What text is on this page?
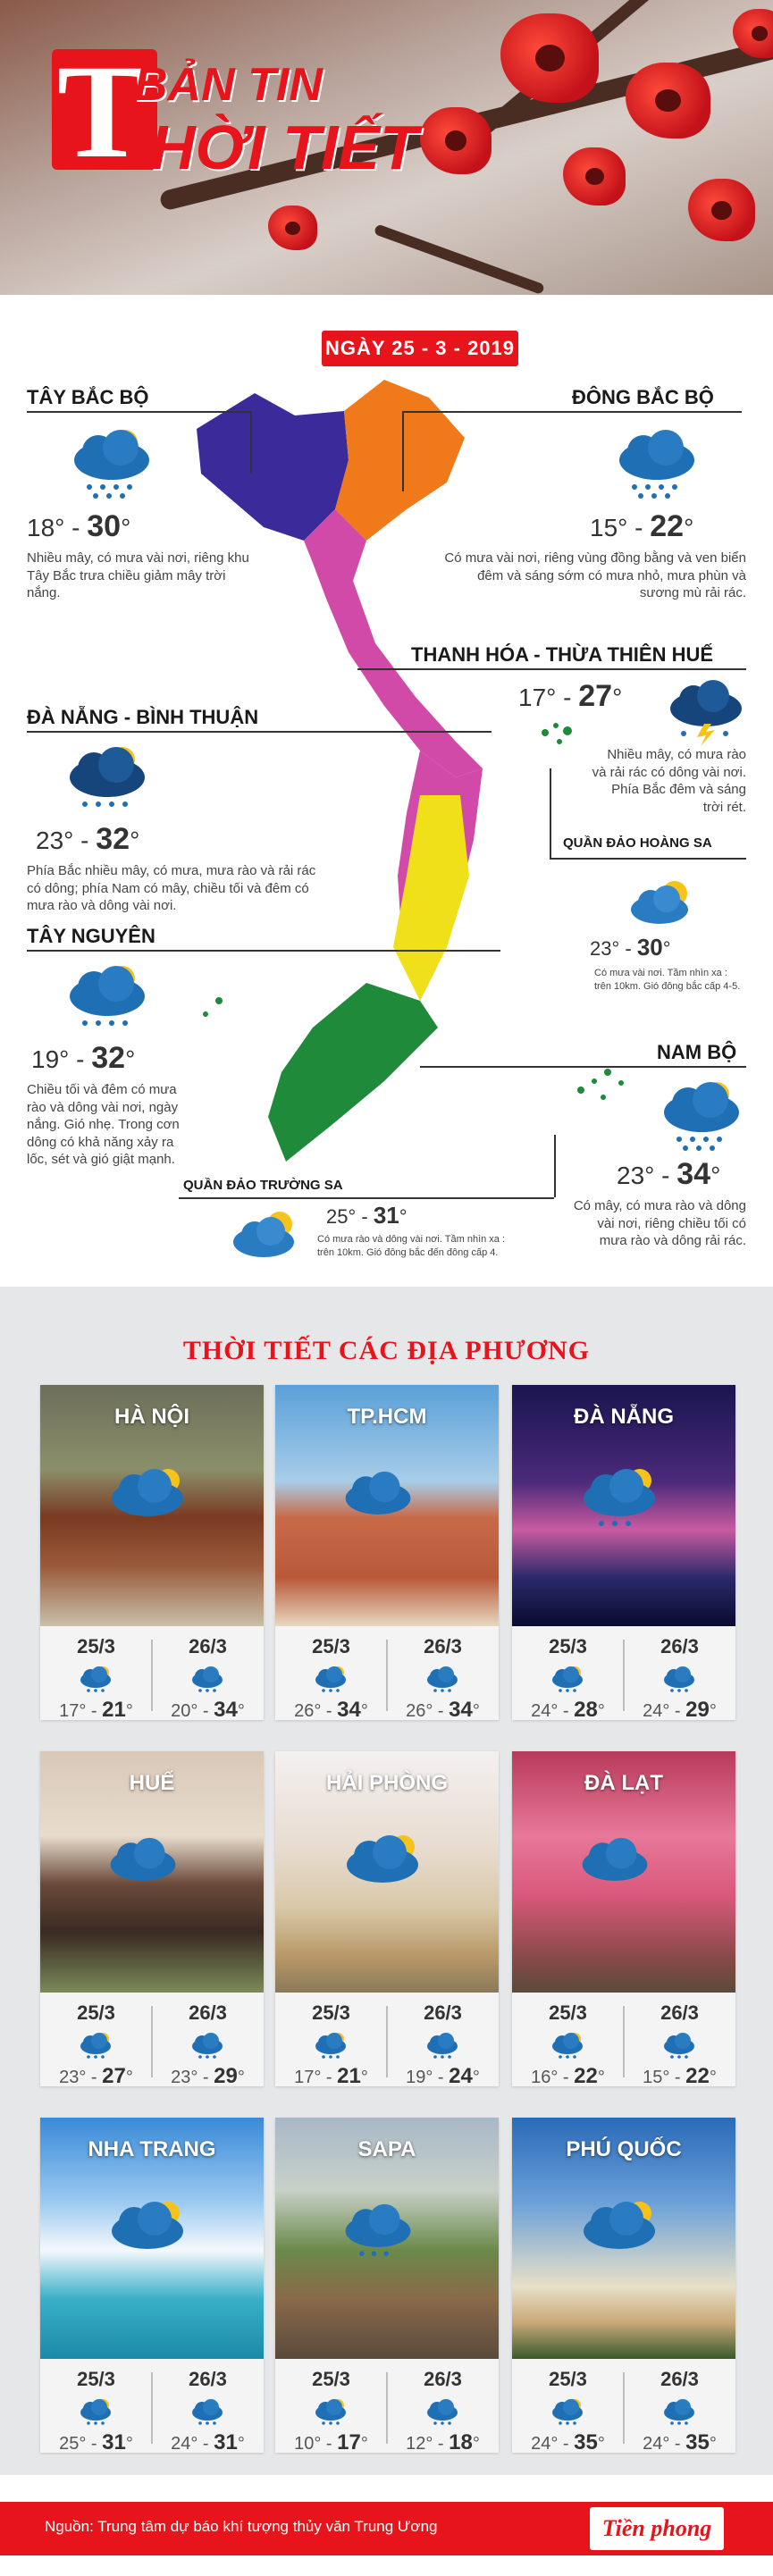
T
BẢN TIN
HỜI TIẾT
NGÀY 25 - 3 - 2019
TÂY BẮC BỘ
18° - 30°
Nhiều mây, có mưa vài nơi, riêng khu Tây Bắc trưa chiều giảm mây trời nắng.
ĐÔNG BẮC BỘ
15° - 22°
Có mưa vài nơi, riêng vùng đồng bằng và ven biển đêm và sáng sớm có mưa nhỏ, mưa phùn và sương mù rải rác.
THANH HÓA - THỪA THIÊN HUẾ
17° - 27°
Nhiều mây, có mưa rào và rải rác có dông vài nơi. Phía Bắc đêm và sáng trời rét.
ĐÀ NẴNG - BÌNH THUẬN
23° - 32°
Phía Bắc nhiều mây, có mưa, mưa rào và rải rác có dông; phía Nam có mây, chiều tối và đêm có mưa rào và dông vài nơi.
QUẦN ĐẢO HOÀNG SA
23° - 30°
Có mưa vài nơi. Tầm nhìn xa : trên 10km. Gió đông bắc cấp 4-5.
TÂY NGUYÊN
19° - 32°
Chiều tối và đêm có mưa rào và dông vài nơi, ngày nắng. Gió nhẹ. Trong cơn dông có khả năng xảy ra lốc, sét và gió giật mạnh.
NAM BỘ
23° - 34°
Có mây, có mưa rào và dông vài nơi, riêng chiều tối có mưa rào và dông rải rác.
QUẦN ĐẢO TRƯỜNG SA
25° - 31°
Có mưa rào và dông vài nơi. Tầm nhìn xa : trên 10km. Gió đông bắc đến đông cấp 4.
THỜI TIẾT CÁC ĐỊA PHƯƠNG
HÀ NỘI
25/3
17° - 21°
26/3
20° - 34°
TP.HCM
25/3
26° - 34°
26/3
26° - 34°
ĐÀ NẴNG
25/3
24° - 28°
26/3
24° - 29°
HUẾ
25/3
23° - 27°
26/3
23° - 29°
HẢI PHÒNG
25/3
17° - 21°
26/3
19° - 24°
ĐÀ LẠT
25/3
16° - 22°
26/3
15° - 22°
NHA TRANG
25/3
25° - 31°
26/3
24° - 31°
SAPA
25/3
10° - 17°
26/3
12° - 18°
PHÚ QUỐC
25/3
24° - 35°
26/3
24° - 35°
Nguồn: Trung tâm dự báo khí tượng thủy văn Trung Ương	Tiền phong
